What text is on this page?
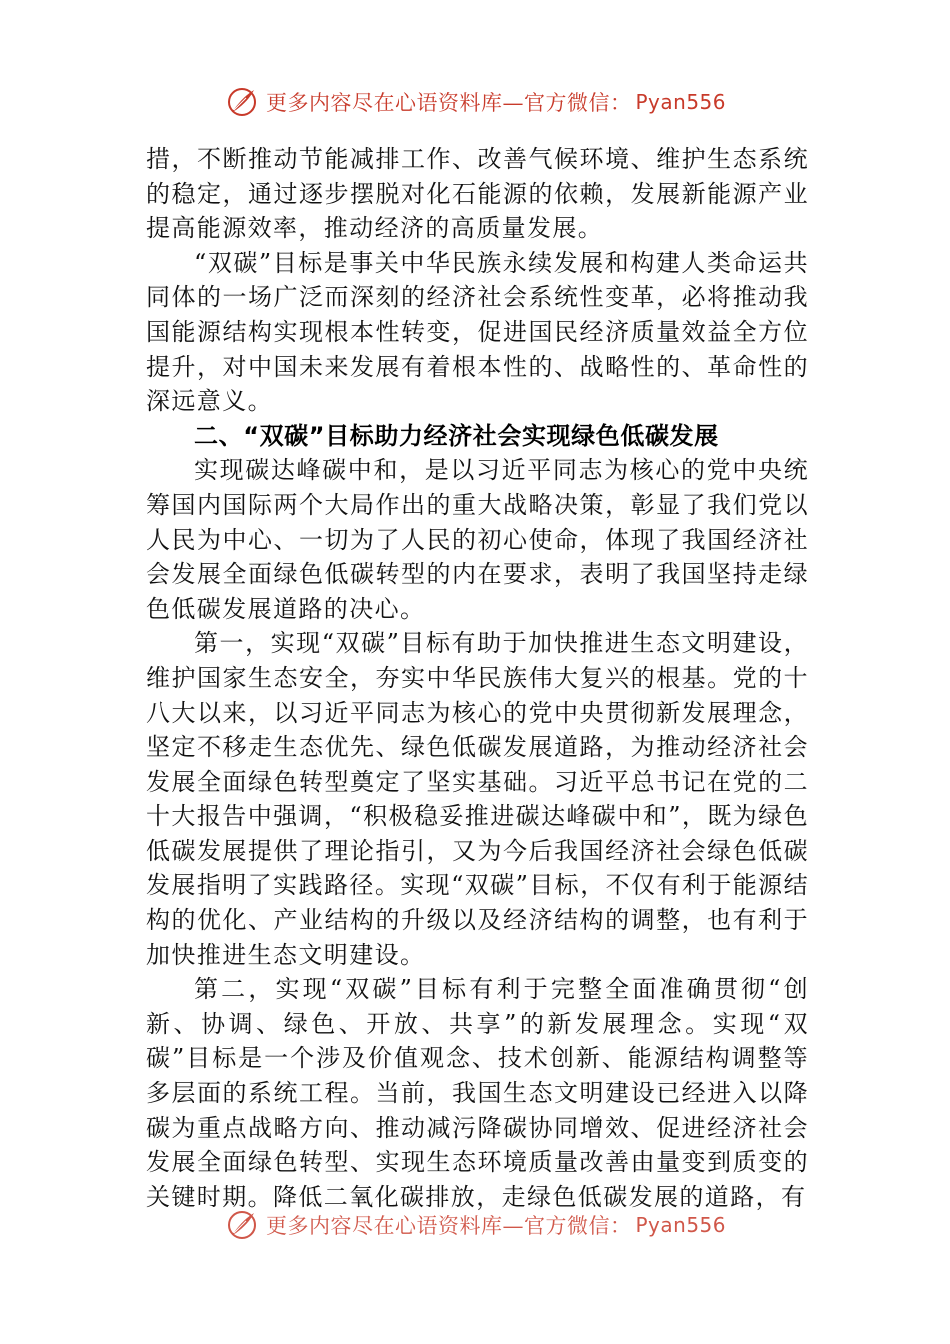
更多内容尽在心语资料库—官方微信： Pyan556

措，不断推动节能减排工作、改善气候环境、维护生态系统的稳定，通过逐步摆脱对化石能源的依赖，发展新能源产业提高能源效率，推动经济的高质量发展。

“双碳”目标是事关中华民族永续发展和构建人类命运共同体的一场广泛而深刻的经济社会系统性变革，必将推动我国能源结构实现根本性转变，促进国民经济质量效益全方位提升，对中国未来发展有着根本性的、战略性的、革命性的深远意义。

二、“双碳”目标助力经济社会实现绿色低碳发展

实现碳达峰碳中和，是以习近平同志为核心的党中央统筹国内国际两个大局作出的重大战略决策，彰显了我们党以人民为中心、一切为了人民的初心使命，体现了我国经济社会发展全面绿色低碳转型的内在要求，表明了我国坚持走绿色低碳发展道路的决心。

第一，实现“双碳”目标有助于加快推进生态文明建设，维护国家生态安全，夯实中华民族伟大复兴的根基。党的十八大以来，以习近平同志为核心的党中央贯彻新发展理念，坚定不移走生态优先、绿色低碳发展道路，为推动经济社会发展全面绿色转型奠定了坚实基础。习近平总书记在党的二十大报告中强调，“积极稳妥推进碳达峰碳中和”，既为绿色低碳发展提供了理论指引，又为今后我国经济社会绿色低碳发展指明了实践路径。实现“双碳”目标，不仅有利于能源结构的优化、产业结构的升级以及经济结构的调整，也有利于加快推进生态文明建设。

第二，实现“双碳”目标有利于完整全面准确贯彻“创新、协调、绿色、开放、共享”的新发展理念。实现“双碳”目标是一个涉及价值观念、技术创新、能源结构调整等多层面的系统工程。当前，我国生态文明建设已经进入以降碳为重点战略方向、推动减污降碳协同增效、促进经济社会发展全面绿色转型、实现生态环境质量改善由量变到质变的关键时期。降低二氧化碳排放，走绿色低碳发展的道路，有

更多内容尽在心语资料库—官方微信： Pyan556
